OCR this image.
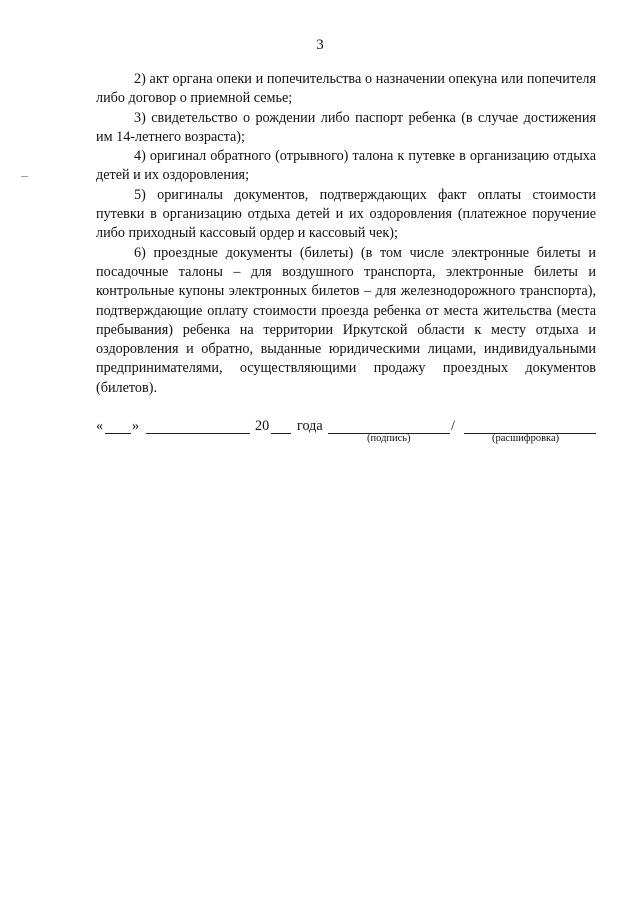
3

2) акт органа опеки и попечительства о назначении опекуна или попечителя либо договор о приемной семье;

3) свидетельство о рождении либо паспорт ребенка (в случае достижения им 14-летнего возраста);

4) оригинал обратного (отрывного) талона к путевке в организацию отдыха детей и их оздоровления;

5) оригиналы документов, подтверждающих факт оплаты стоимости путевки в организацию отдыха детей и их оздоровления (платежное поручение либо приходный кассовый ордер и кассовый чек);

6) проездные документы (билеты) (в том числе электронные билеты и посадочные талоны – для воздушного транспорта, электронные билеты и контрольные купоны электронных билетов – для железнодорожного транспорта), подтверждающие оплату стоимости проезда ребенка от места жительства (места пребывания) ребенка на территории Иркутской области к месту отдыха и оздоровления и обратно, выданные юридическими лицами, индивидуальными предпринимателями, осуществляющими продажу проездных документов (билетов).

« »	20 года	/
(подпись)	(расшифровка)
